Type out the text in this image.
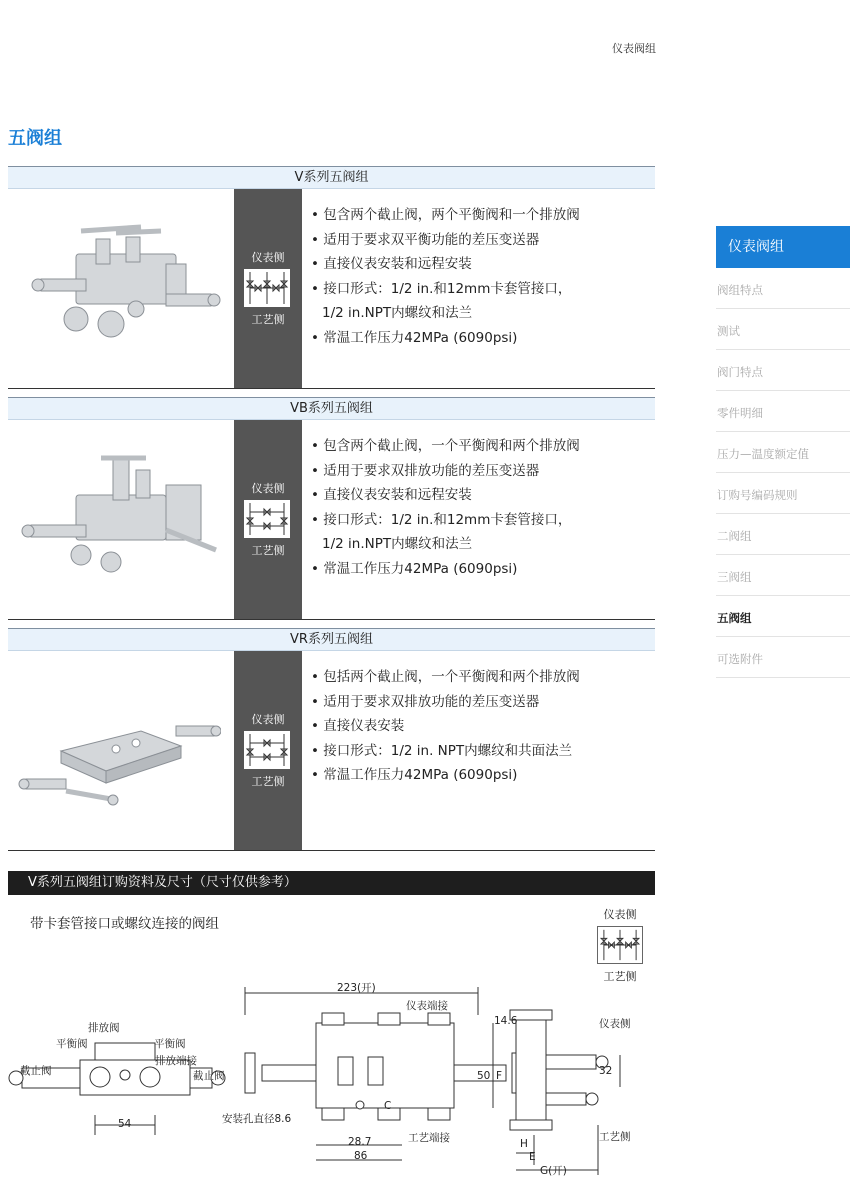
仪表阀组
五阀组
V系列五阀组
仪表侧
工艺侧
• 包含两个截止阀，两个平衡阀和一个排放阀
• 适用于要求双平衡功能的差压变送器
• 直接仪表安装和远程安装
• 接口形式：1/2 in.和12mm卡套管接口，
1/2 in.NPT内螺纹和法兰
• 常温工作压力42MPa (6090psi)
VB系列五阀组
仪表侧
工艺侧
• 包含两个截止阀，一个平衡阀和两个排放阀
• 适用于要求双排放功能的差压变送器
• 直接仪表安装和远程安装
• 接口形式：1/2 in.和12mm卡套管接口，
1/2 in.NPT内螺纹和法兰
• 常温工作压力42MPa (6090psi)
VR系列五阀组
仪表侧
工艺侧
• 包括两个截止阀，一个平衡阀和两个排放阀
• 适用于要求双排放功能的差压变送器
• 直接仪表安装
• 接口形式：1/2 in. NPT内螺纹和共面法兰
• 常温工作压力42MPa (6090psi)
仪表阀组
阀组特点
测试
阀门特点
零件明细
压力—温度额定值
订购号编码规则
二阀组
三阀组
五阀组
可选附件
V系列五阀组订购资料及尺寸（尺寸仅供参考）
带卡套管接口或螺纹连接的阀组
仪表侧
工艺侧
排放阀
平衡阀	平衡阀
排放端接
截止阀	截止阀
54
223(开)
仪表端接
工艺端接
安装孔直径8.6
C
28.7
86
50
14.6
F	32
H
E
G(开)
仪表侧
工艺侧
